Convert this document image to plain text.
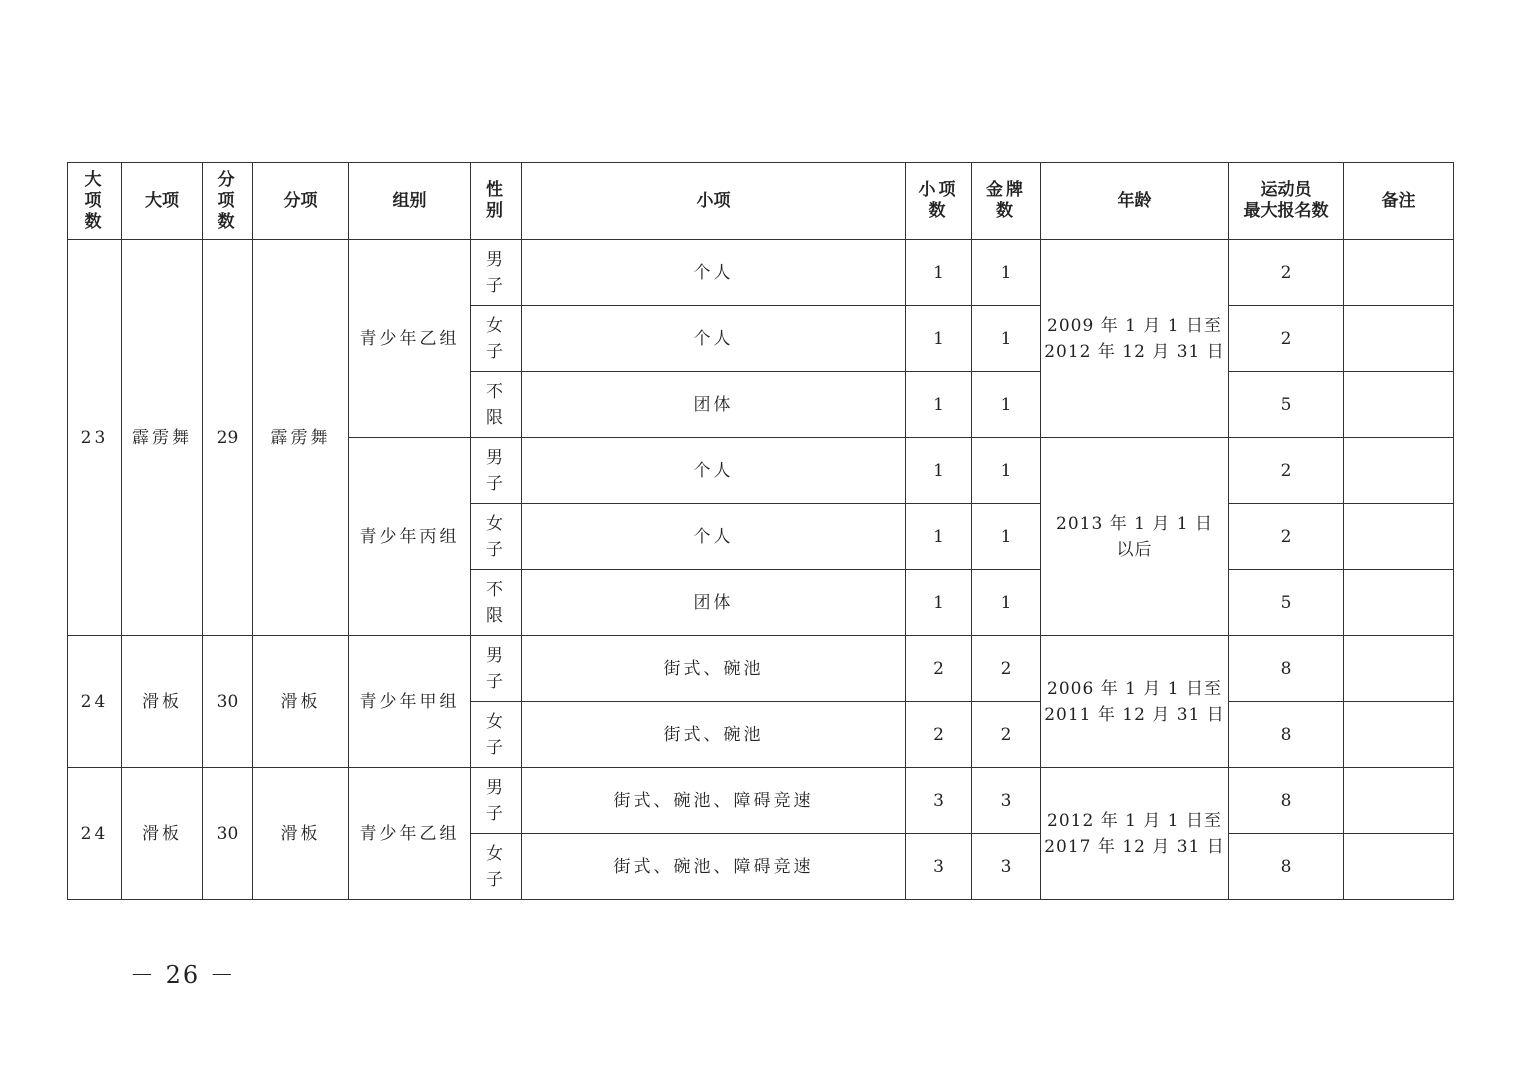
大
项
数	大项	分
项
数	分项	组别	性
别	小项	小项
数	金牌
数	年龄	运动员
最大报名数	备注
23	霹雳舞	29	霹雳舞	青少年乙组	男
子	个人	1	1	2009 年 1 月 1 日至
2012 年 12 月 31 日	2	
					女
子	个人	1	1		2	
					不
限	团体	1	1		5	
				青少年丙组	男
子	个人	1	1	2013 年 1 月 1 日
以后	2	
					女
子	个人	1	1		2	
					不
限	团体	1	1		5	
24	滑板	30	滑板	青少年甲组	男
子	街式、碗池	2	2	2006 年 1 月 1 日至
2011 年 12 月 31 日	8	
					女
子	街式、碗池	2	2		8	
24	滑板	30	滑板	青少年乙组	男
子	街式、碗池、障碍竞速	3	3	2012 年 1 月 1 日至
2017 年 12 月 31 日	8	
					女
子	街式、碗池、障碍竞速	3	3		8	
－ 26 －
